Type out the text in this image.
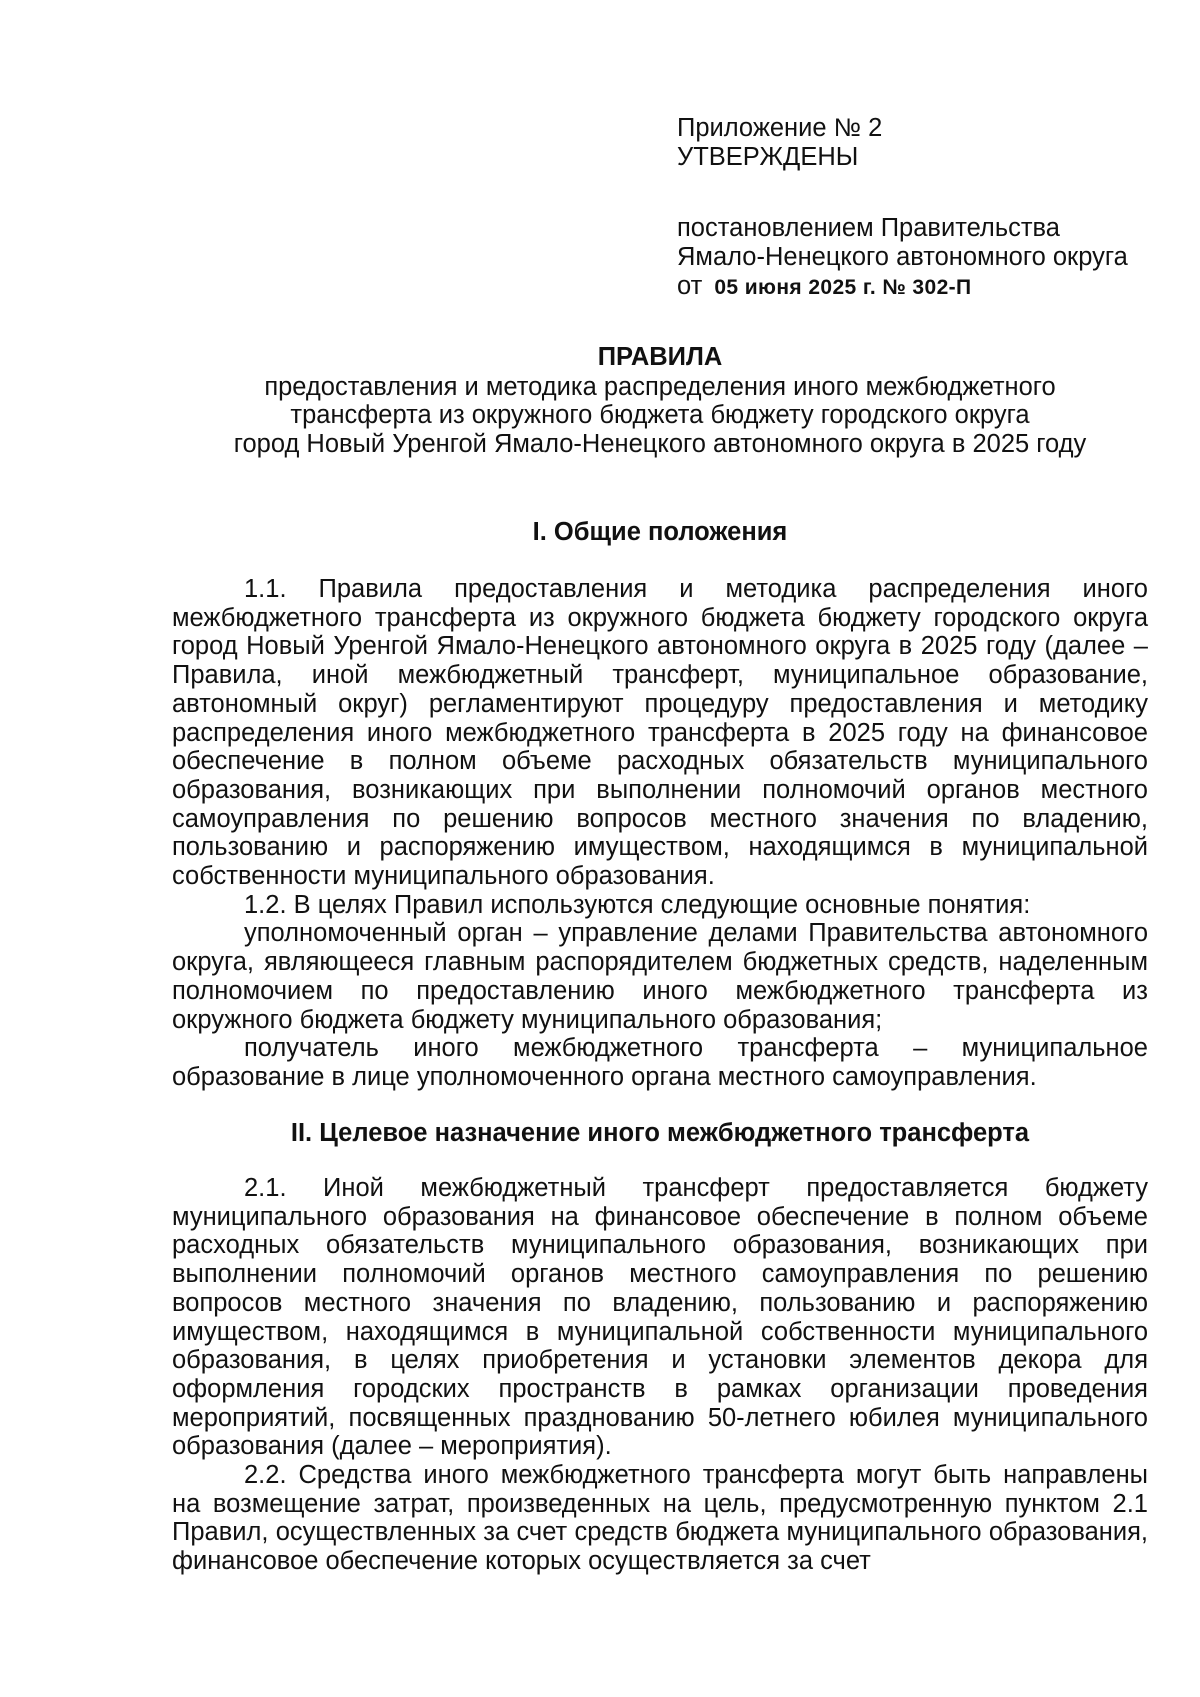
Приложение № 2
УТВЕРЖДЕНЫ
постановлением Правительства
Ямало-Ненецкого автономного округа
от 05 июня 2025 г. № 302-П
ПРАВИЛА
предоставления и методика распределения иного межбюджетного
трансферта из окружного бюджета бюджету городского округа
город Новый Уренгой Ямало-Ненецкого автономного округа в 2025 году
I. Общие положения

1.1. Правила предоставления и методика распределения иного межбюджетного трансферта из окружного бюджета бюджету городского округа город Новый Уренгой Ямало-Ненецкого автономного округа в 2025 году (далее – Правила, иной межбюджетный трансферт, муниципальное образование, автономный округ) регламентируют процедуру предоставления и методику распределения иного межбюджетного трансферта в 2025 году на финансовое обеспечение в полном объеме расходных обязательств муниципального образования, возникающих при выполнении полномочий органов местного самоуправления по решению вопросов местного значения по владению, пользованию и распоряжению имуществом, находящимся в муниципальной собственности муниципального образования.

1.2. В целях Правил используются следующие основные понятия:

уполномоченный орган – управление делами Правительства автономного округа, являющееся главным распорядителем бюджетных средств, наделенным полномочием по предоставлению иного межбюджетного трансферта из окружного бюджета бюджету муниципального образования;

получатель иного межбюджетного трансферта – муниципальное образование в лице уполномоченного органа местного самоуправления.

II. Целевое назначение иного межбюджетного трансферта

2.1. Иной межбюджетный трансферт предоставляется бюджету муниципального образования на финансовое обеспечение в полном объеме расходных обязательств муниципального образования, возникающих при выполнении полномочий органов местного самоуправления по решению вопросов местного значения по владению, пользованию и распоряжению имуществом, находящимся в муниципальной собственности муниципального образования, в целях приобретения и установки элементов декора для оформления городских пространств в рамках организации проведения мероприятий, посвященных празднованию 50-летнего юбилея муниципального образования (далее – мероприятия).

2.2. Средства иного межбюджетного трансферта могут быть направлены на возмещение затрат, произведенных на цель, предусмотренную пунктом 2.1 Правил, осуществленных за счет средств бюджета муниципального образования, финансовое обеспечение которых осуществляется за счет
